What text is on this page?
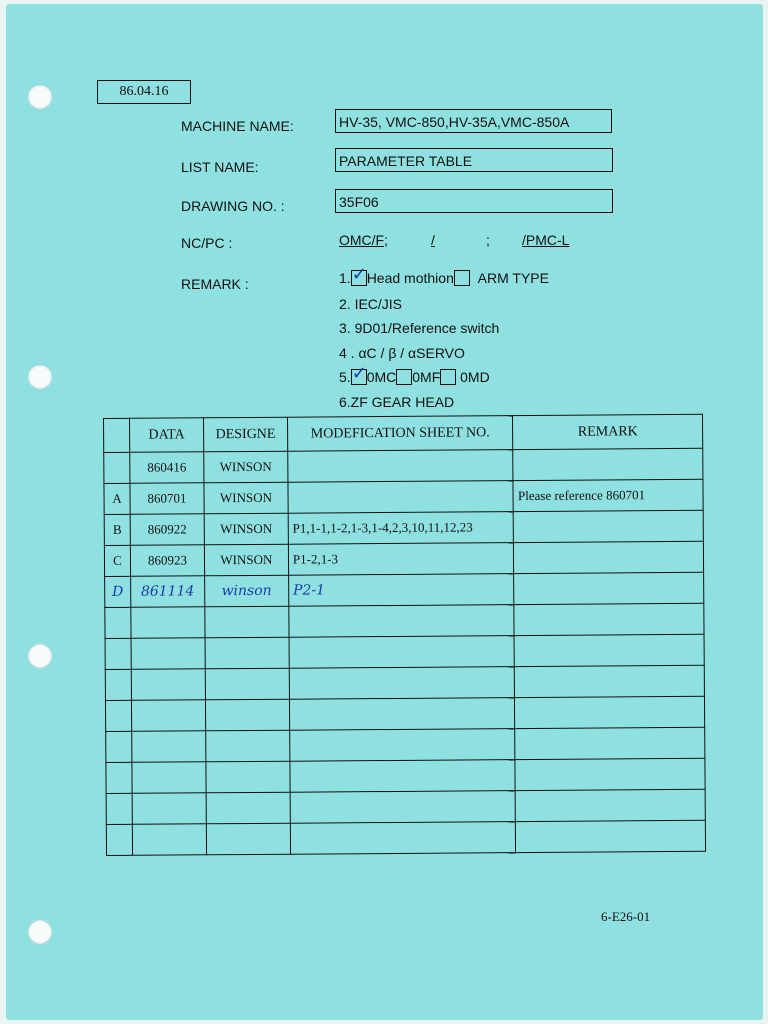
86.04.16
MACHINE NAME:	HV-35, VMC-850,HV-35A,VMC-850A
LIST NAME:	PARAMETER TABLE
DRAWING NO. :	35F06
NC/PC :	OMC/F;	/	; /PMC-L
REMARK :	1. ✓ Head mothion ARM TYPE
2. IEC/JIS
3. 9D01/Reference switch
4 . αC / β / αSERVO
5. ✓ 0MC 0MF 0MD
6.ZF GEAR HEAD
	DATA	DESIGNE	MODEFICATION SHEET NO.	REMARK
	860416	WINSON		
A	860701	WINSON		Please reference 860701
B	860922	WINSON	P1,1-1,1-2,1-3,1-4,2,3,10,11,12,23	
C	860923	WINSON	P1-2,1-3	
D	861114	winson	P2-1	

6-E26-01
